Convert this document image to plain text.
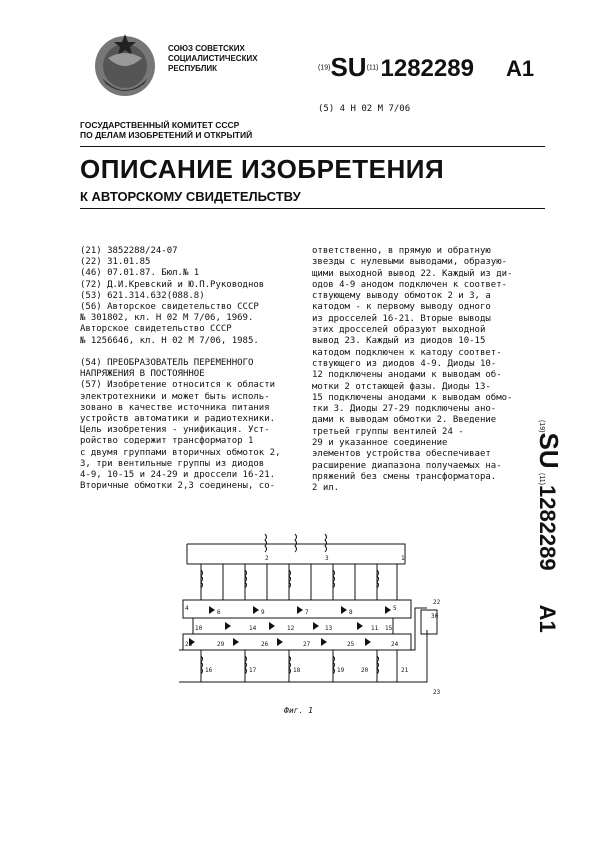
СОЮЗ СОВЕТСКИХ
СОЦИАЛИСТИЧЕСКИХ
РЕСПУБЛИК	$^{(19)}$SU$^{(11)}$1282289 A1
(5) 4 Н 02 М 7/06
ГОСУДАРСТВЕННЫЙ КОМИТЕТ СССР
ПО ДЕЛАМ ИЗОБРЕТЕНИЙ И ОТКРЫТИЙ
ОПИСАНИЕ ИЗОБРЕТЕНИЯ
К АВТОРСКОМУ СВИДЕТЕЛЬСТВУ
(21) 3852288/24-07
(22) 31.01.85
(46) 07.01.87. Бюл.№ 1
(72) Д.И.Кревский и Ю.П.Руководнов
(53) 621.314.632(088.8)
(56) Авторское свидетельство СССР
№ 301802, кл. Н 02 М 7/06, 1969.
Авторское свидетельство СССР
№ 1256646, кл. Н 02 М 7/06, 1985.

(54) ПРЕОБРАЗОВАТЕЛЬ ПЕРЕМЕННОГО
НАПРЯЖЕНИЯ В ПОСТОЯННОЕ
(57) Изобретение относится к области
электротехники и может быть исполь-
зовано в качестве источника питания
устройств автоматики и радиотехники.
Цель изобретения - унификация. Уст-
ройство содержит трансформатор 1
с двумя группами вторичных обмоток 2,
3, три вентильные группы из диодов
4-9, 10-15 и 24-29 и дроссели 16-21.
Вторичные обмотки 2,3 соединены, со-
ответственно, в прямую и обратную
звезды с нулевыми выводами, образую-
щими выходной вывод 22. Каждый из ди-
одов 4-9 анодом подключен к соответ-
ствующему выводу обмоток 2 и 3, а
катодом - к первому выводу одного
из дросселей 16-21. Вторые выводы
этих дросселей образуют выходной
вывод 23. Каждый из диодов 10-15
катодом подключен к катоду соответ-
ствующего из диодов 4-9. Диоды 10-
12 подключены анодами к выводам об-
мотки 2 отстающей фазы. Диоды 13-
15 подключены анодами к выводам обмо-
тки 3. Диоды 27-29 подключены ано-
дами к выводам обмотки 2. Введение
третьей группы вентилей 24 -
29 и указанное соединение
элементов устройства обеспечивает
расширение диапазона получаемых на-
пряжений без смены трансформатора.
2 ил.
(19)SU (11)1282289A1
1
2	3
4	5
6	7	8
9
10	11
12	13
14	15
16	17	18	19	20	21
22
23
24
25
26	27
28	29
30
Фиг. 1
